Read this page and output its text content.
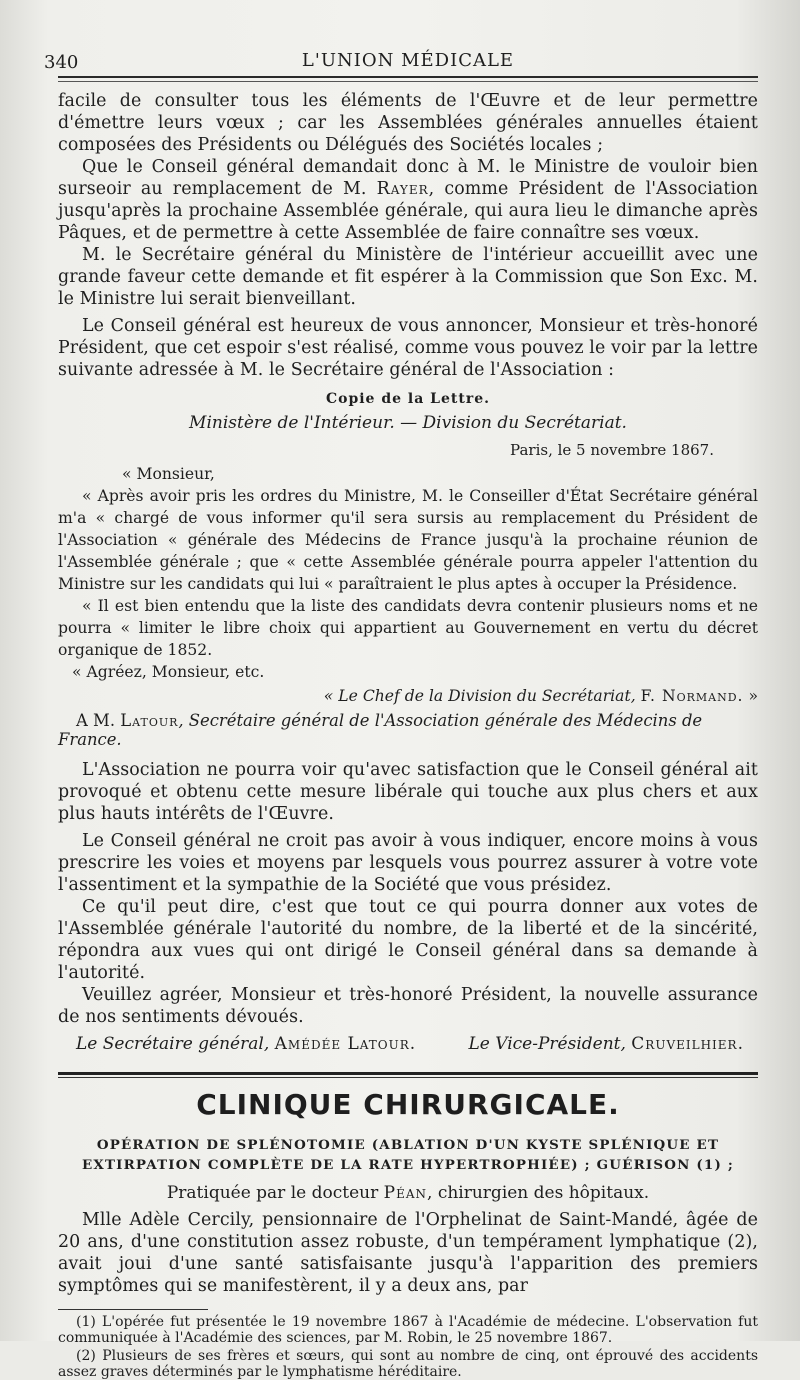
340	L'UNION MÉDICALE

facile de consulter tous les éléments de l'Œuvre et de leur permettre d'émettre leurs vœux ; car les Assemblées générales annuelles étaient composées des Présidents ou Délégués des Sociétés locales ;

Que le Conseil général demandait donc à M. le Ministre de vouloir bien surseoir au remplacement de M. Rayer, comme Président de l'Association jusqu'après la prochaine Assemblée générale, qui aura lieu le dimanche après Pâques, et de permettre à cette Assemblée de faire connaître ses vœux.

M. le Secrétaire général du Ministère de l'intérieur accueillit avec une grande faveur cette demande et fit espérer à la Commission que Son Exc. M. le Ministre lui serait bienveillant.

Le Conseil général est heureux de vous annoncer, Monsieur et très-honoré Président, que cet espoir s'est réalisé, comme vous pouvez le voir par la lettre suivante adressée à M. le Secrétaire général de l'Association :

Copie de la Lettre.

Ministère de l'Intérieur. — Division du Secrétariat.

Paris, le 5 novembre 1867.

« Monsieur,

« Après avoir pris les ordres du Ministre, M. le Conseiller d'État Secrétaire général m'a « chargé de vous informer qu'il sera sursis au remplacement du Président de l'Association « générale des Médecins de France jusqu'à la prochaine réunion de l'Assemblée générale ; que « cette Assemblée générale pourra appeler l'attention du Ministre sur les candidats qui lui « paraîtraient le plus aptes à occuper la Présidence.

« Il est bien entendu que la liste des candidats devra contenir plusieurs noms et ne pourra « limiter le libre choix qui appartient au Gouvernement en vertu du décret organique de 1852.

« Agréez, Monsieur, etc.

« Le Chef de la Division du Secrétariat, F. Normand. »

A M. Latour, Secrétaire général de l'Association générale des Médecins de France.

L'Association ne pourra voir qu'avec satisfaction que le Conseil général ait provoqué et obtenu cette mesure libérale qui touche aux plus chers et aux plus hauts intérêts de l'Œuvre.

Le Conseil général ne croit pas avoir à vous indiquer, encore moins à vous prescrire les voies et moyens par lesquels vous pourrez assurer à votre vote l'assentiment et la sympathie de la Société que vous présidez.

Ce qu'il peut dire, c'est que tout ce qui pourra donner aux votes de l'Assemblée générale l'autorité du nombre, de la liberté et de la sincérité, répondra aux vues qui ont dirigé le Conseil général dans sa demande à l'autorité.

Veuillez agréer, Monsieur et très-honoré Président, la nouvelle assurance de nos sentiments dévoués.

Le Secrétaire général, Amédée Latour.	Le Vice-Président, Cruveilhier.

CLINIQUE CHIRURGICALE.

OPÉRATION DE SPLÉNOTOMIE (ABLATION D'UN KYSTE SPLÉNIQUE ET EXTIRPATION COMPLÈTE DE LA RATE HYPERTROPHIÉE) ; GUÉRISON (1) ;

Pratiquée par le docteur Péan, chirurgien des hôpitaux.

Mlle Adèle Cercily, pensionnaire de l'Orphelinat de Saint-Mandé, âgée de 20 ans, d'une constitution assez robuste, d'un tempérament lymphatique (2), avait joui d'une santé satisfaisante jusqu'à l'apparition des premiers symptômes qui se manifestèrent, il y a deux ans, par

(1) L'opérée fut présentée le 19 novembre 1867 à l'Académie de médecine. L'observation fut communiquée à l'Académie des sciences, par M. Robin, le 25 novembre 1867.

(2) Plusieurs de ses frères et sœurs, qui sont au nombre de cinq, ont éprouvé des accidents assez graves déterminés par le lymphatisme héréditaire.
